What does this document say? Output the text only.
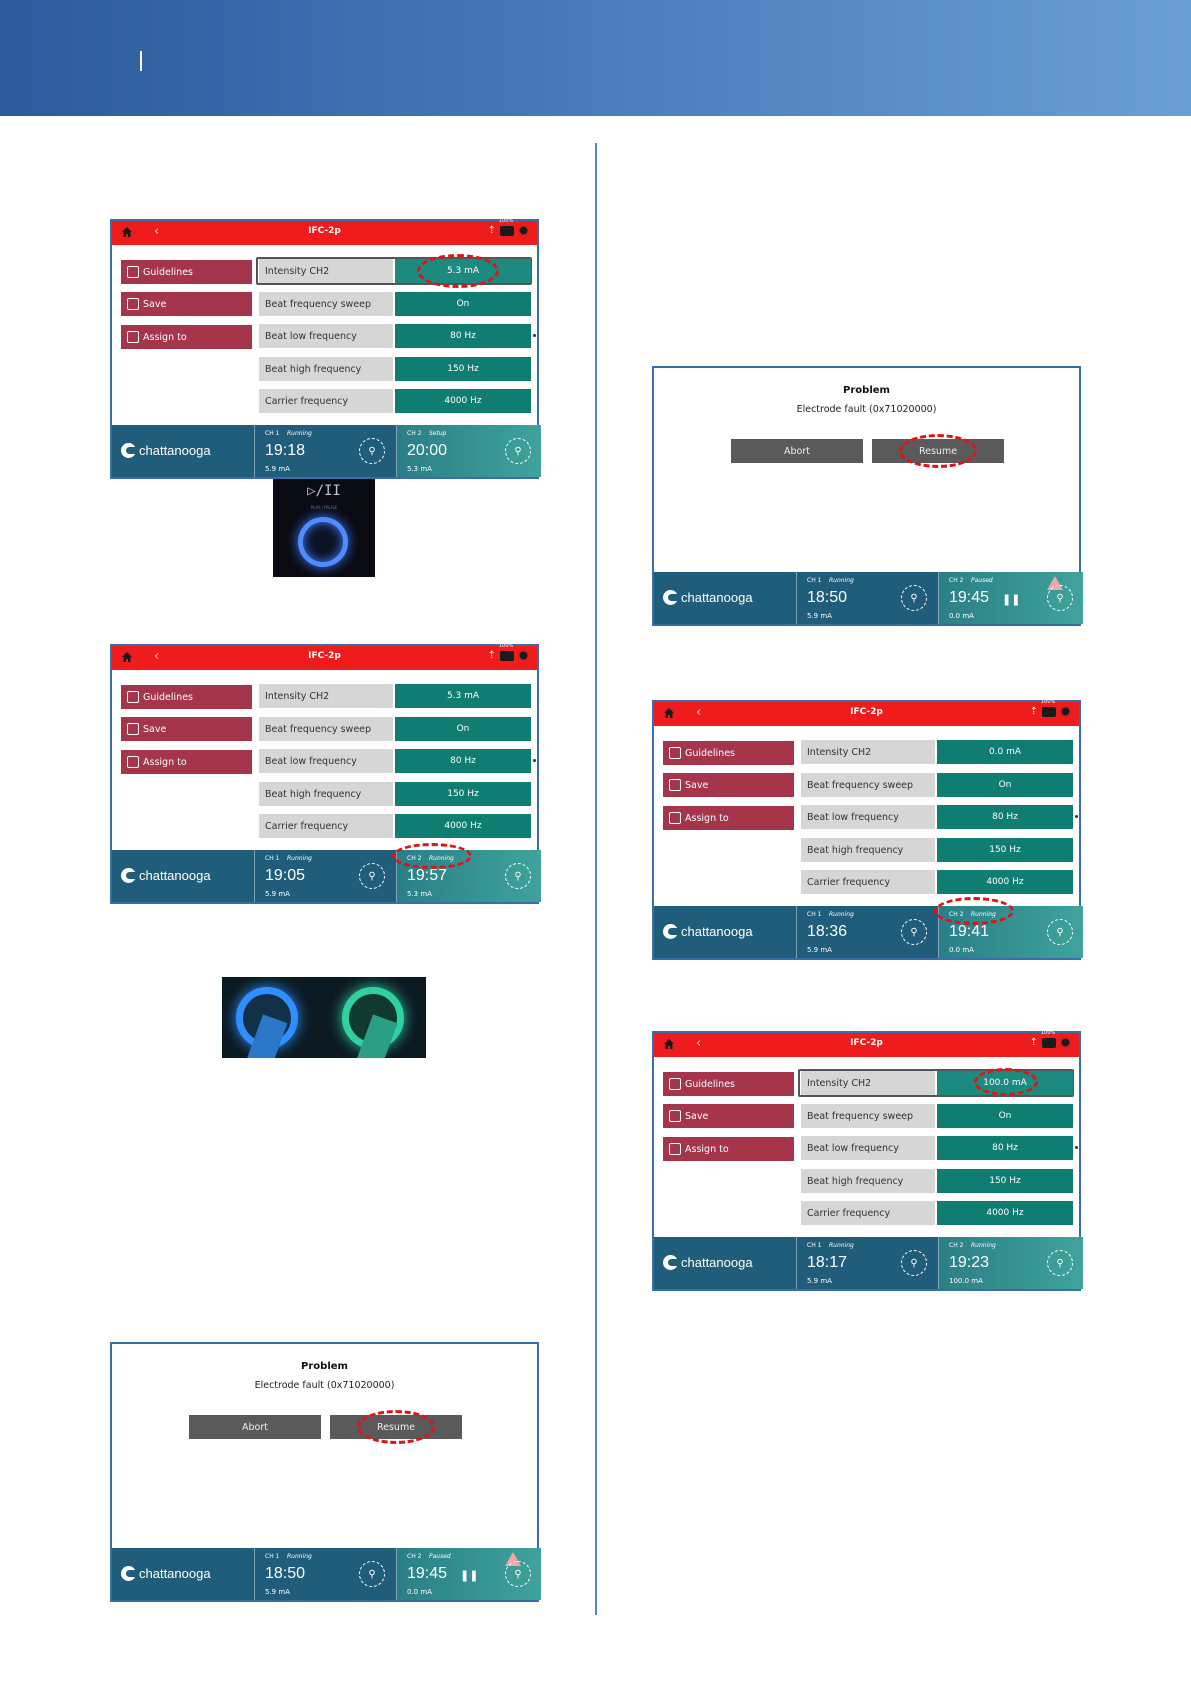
‹	IFC-2p	⇡
100%
Guidelines
Save
Assign to
Intensity CH2	5.3 mA
Beat frequency sweep	On
Beat low frequency	80 Hz
Beat high frequency	150 Hz
Carrier frequency	4000 Hz
chattanooga
CH 1 Running
19:18
5.9 mA
⚲
CH 2 Setup
20:00
5.3 mA
⚲
▷/II
PLAY / PAUSE
‹	IFC-2p	⇡
100%
Guidelines
Save
Assign to
Intensity CH2	5.3 mA
Beat frequency sweep	On
Beat low frequency	80 Hz
Beat high frequency	150 Hz
Carrier frequency	4000 Hz
chattanooga
CH 1 Running
19:05
5.9 mA
⚲
CH 2 Running
19:57
5.3 mA
⚲
Problem
Electrode fault (0x71020000)
Abort	Resume
chattanooga
CH 1 Running
18:50
5.9 mA
⚲
CH 2 Paused
19:45 ❚❚
0.0 mA
⚲
Problem
Electrode fault (0x71020000)
Abort	Resume
chattanooga
CH 1 Running
18:50
5.9 mA
⚲
CH 2 Paused
19:45 ❚❚
0.0 mA
⚲
‹	IFC-2p	⇡
100%
Guidelines
Save
Assign to
Intensity CH2	0.0 mA
Beat frequency sweep	On
Beat low frequency	80 Hz
Beat high frequency	150 Hz
Carrier frequency	4000 Hz
chattanooga
CH 1 Running
18:36
5.9 mA
⚲
CH 2 Running
19:41
0.0 mA
⚲
‹	IFC-2p	⇡
100%
Guidelines
Save
Assign to
Intensity CH2	100.0 mA
Beat frequency sweep	On
Beat low frequency	80 Hz
Beat high frequency	150 Hz
Carrier frequency	4000 Hz
chattanooga
CH 1 Running
18:17
5.9 mA
⚲
CH 2 Running
19:23
100.0 mA
⚲
